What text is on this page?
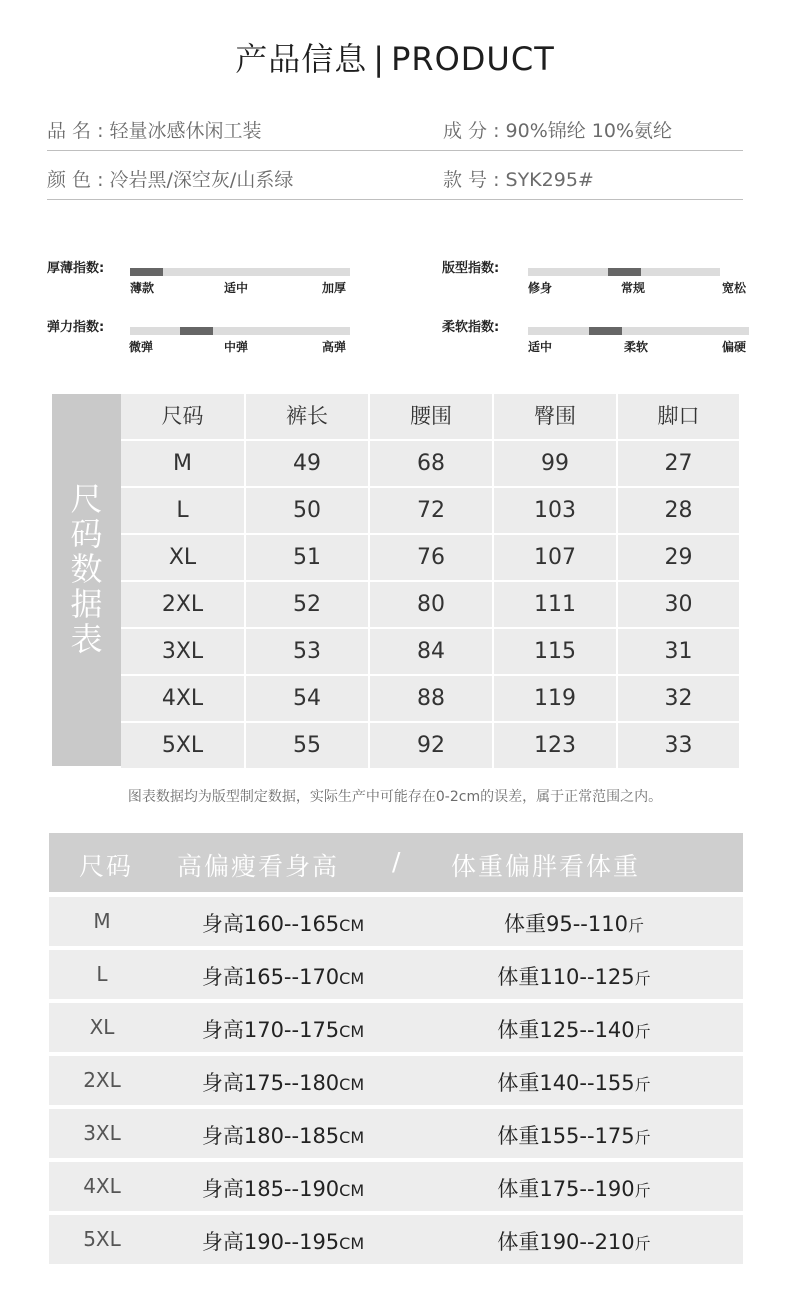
产品信息 | PRODUCT
品 名 : 轻量冰感休闲工装	成 分 : 90%锦纶 10%氨纶
颜 色 : 冷岩黑/深空灰/山系绿	款 号 : SYK295#
厚薄指数:
薄款	适中	加厚
版型指数:
修身	常规	宽松
弹力指数:
微弹	中弹	高弹
柔软指数:
适中	柔软	偏硬
尺
码
数
据
表
尺码	裤长	腰围	臀围	脚口
M	49	68	99	27
L	50	72	103	28
XL	51	76	107	29
2XL	52	80	111	30
3XL	53	84	115	31
4XL	54	88	119	32
5XL	55	92	123	33
图表数据均为版型制定数据，实际生产中可能存在0-2cm的误差，属于正常范围之内。
尺码 高偏瘦看身高 / 体重偏胖看体重
M	身高160--165CM	体重95--110斤
L	身高165--170CM	体重110--125斤
XL	身高170--175CM	体重125--140斤
2XL	身高175--180CM	体重140--155斤
3XL	身高180--185CM	体重155--175斤
4XL	身高185--190CM	体重175--190斤
5XL	身高190--195CM	体重190--210斤
